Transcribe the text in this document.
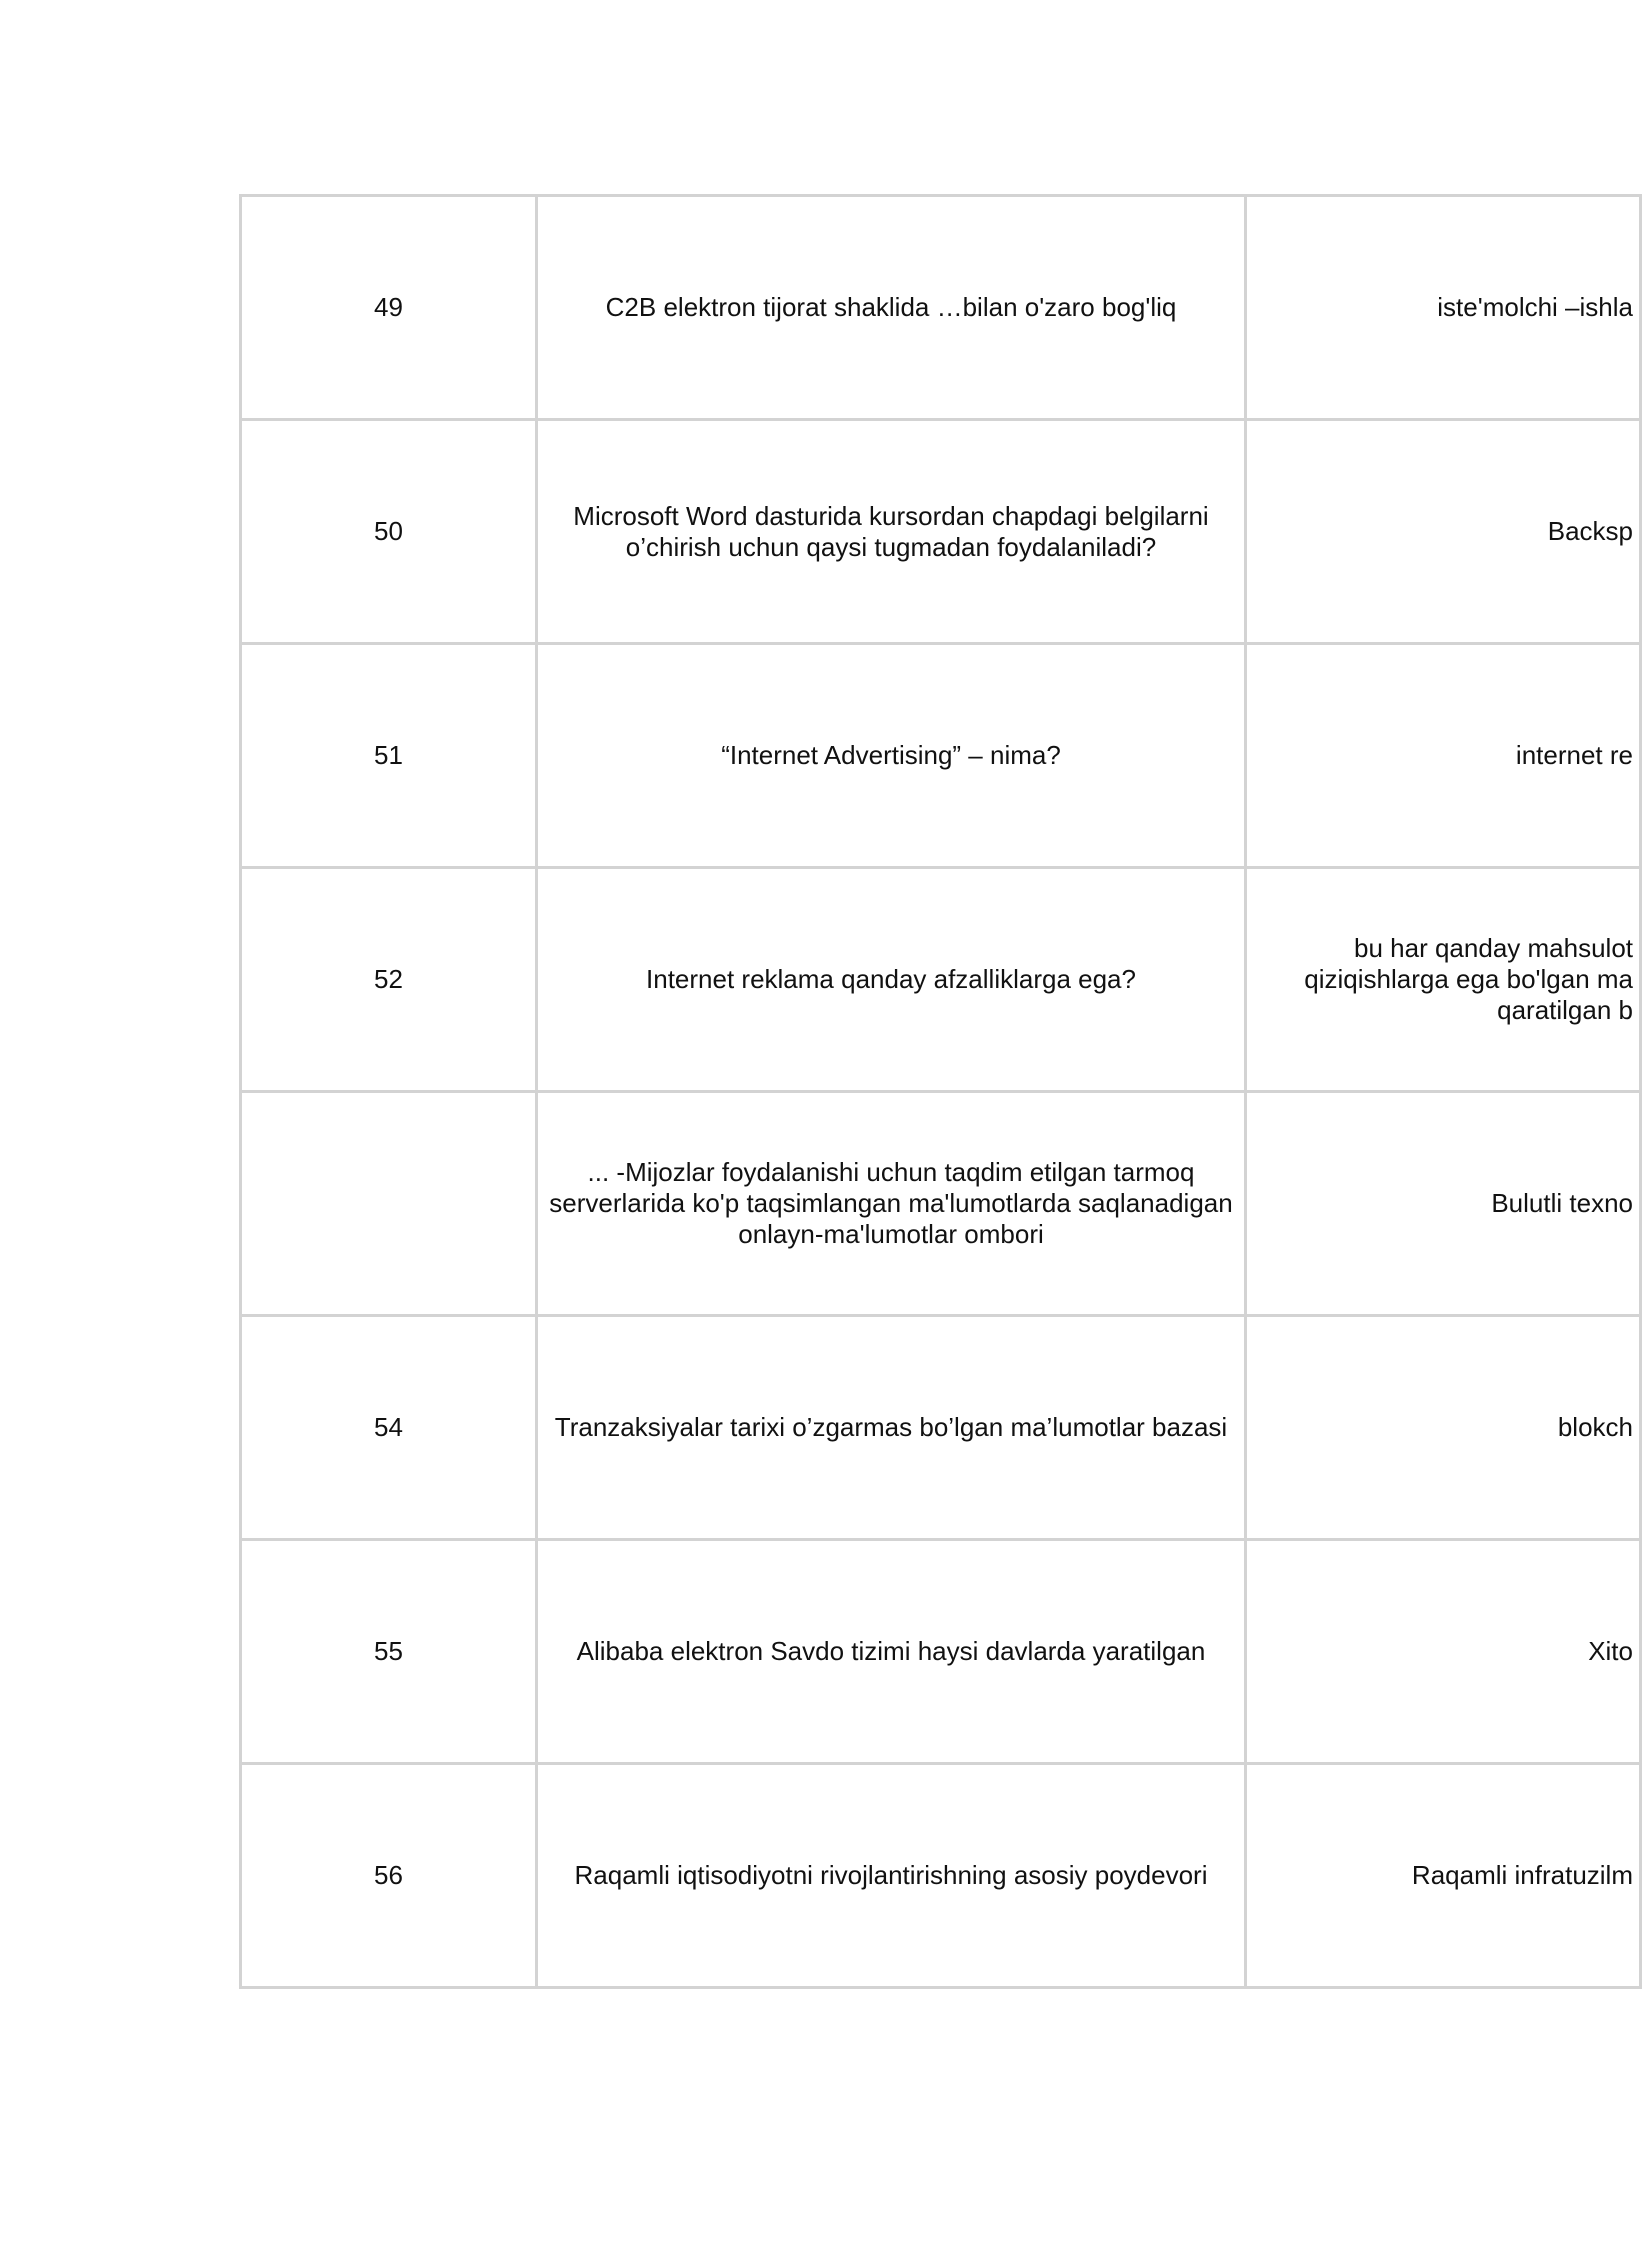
49	C2B elektron tijorat shaklida …bilan o'zaro bog'liq	iste'molchi –ishla

50	Microsoft Word dasturida kursordan chapdagi belgilarni o’chirish uchun qaysi tugmadan foydalaniladi?	Backsp

51	“Internet Advertising” – nima?	internet re

52	Internet reklama qanday afzalliklarga ega?	bu har qanday mahsulot
qiziqishlarga ega bo'lgan ma
qaratilgan b

	... -Mijozlar foydalanishi uchun taqdim etilgan tarmoq serverlarida ko'p taqsimlangan ma'lumotlarda saqlanadigan onlayn-ma'lumotlar ombori	Bulutli texno

54	Tranzaksiyalar tarixi o’zgarmas bo’lgan ma’lumotlar bazasi	blokch

55	Alibaba elektron Savdo tizimi haysi davlarda yaratilgan	Xito

56	Raqamli iqtisodiyotni rivojlantirishning asosiy poydevori	Raqamli infratuzilm
